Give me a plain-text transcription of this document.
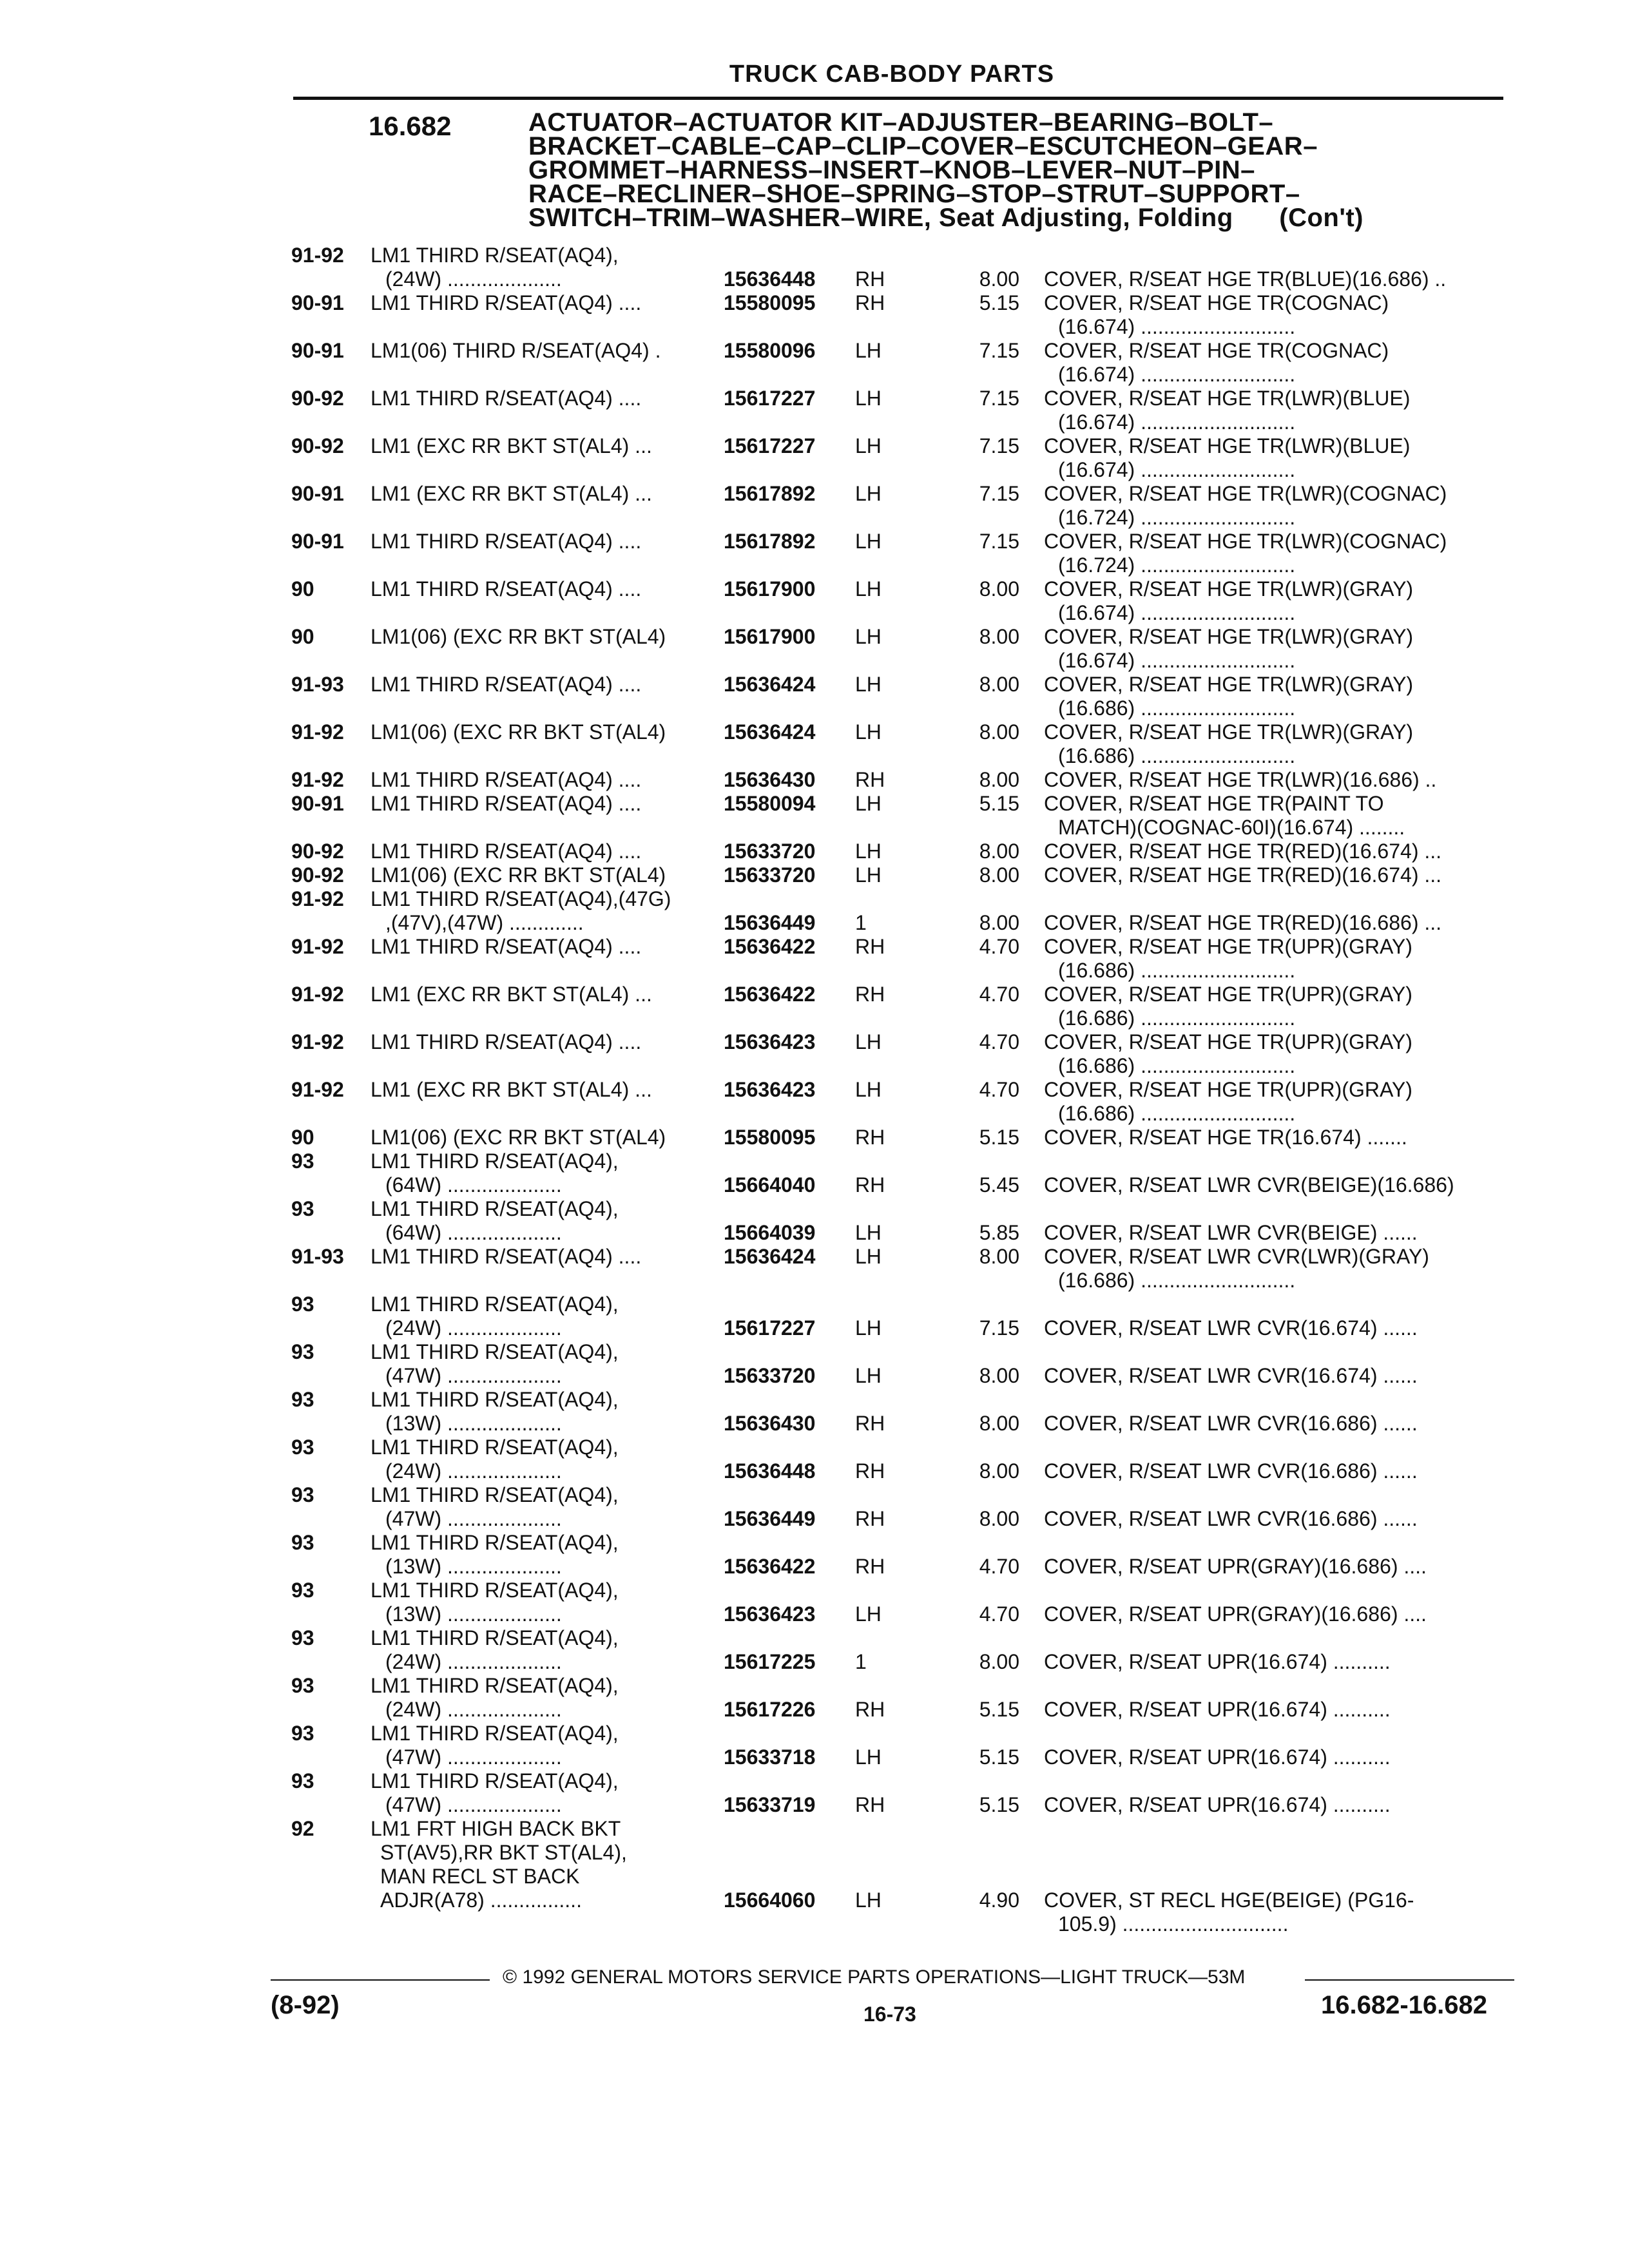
TRUCK CAB-BODY PARTS
16.682	ACTUATOR–ACTUATOR KIT–ADJUSTER–BEARING–BOLT–
BRACKET–CABLE–CAP–CLIP–COVER–ESCUTCHEON–GEAR–
GROMMET–HARNESS–INSERT–KNOB–LEVER–NUT–PIN–
RACE–RECLINER–SHOE–SPRING–STOP–STRUT–SUPPORT–
SWITCH–TRIM–WASHER–WIRE, Seat Adjusting, Folding (Con't)
91-92 LM1 THIRD R/SEAT(AQ4),
(24W) ....................	15636448 RH	8.00 COVER, R/SEAT HGE TR(BLUE)(16.686) ..
90-91 LM1 THIRD R/SEAT(AQ4) ....	15580095 RH	5.15 COVER, R/SEAT HGE TR(COGNAC)
(16.674) ...........................
90-91 LM1(06) THIRD R/SEAT(AQ4) .	15580096 LH	7.15 COVER, R/SEAT HGE TR(COGNAC)
(16.674) ...........................
90-92 LM1 THIRD R/SEAT(AQ4) ....	15617227 LH	7.15 COVER, R/SEAT HGE TR(LWR)(BLUE)
(16.674) ...........................
90-92 LM1 (EXC RR BKT ST(AL4) ...	15617227 LH	7.15 COVER, R/SEAT HGE TR(LWR)(BLUE)
(16.674) ...........................
90-91 LM1 (EXC RR BKT ST(AL4) ...	15617892 LH	7.15 COVER, R/SEAT HGE TR(LWR)(COGNAC)
(16.724) ...........................
90-91 LM1 THIRD R/SEAT(AQ4) ....	15617892 LH	7.15 COVER, R/SEAT HGE TR(LWR)(COGNAC)
(16.724) ...........................
90	LM1 THIRD R/SEAT(AQ4) ....	15617900 LH	8.00 COVER, R/SEAT HGE TR(LWR)(GRAY)
(16.674) ...........................
90	LM1(06) (EXC RR BKT ST(AL4)	15617900 LH	8.00 COVER, R/SEAT HGE TR(LWR)(GRAY)
(16.674) ...........................
91-93 LM1 THIRD R/SEAT(AQ4) ....	15636424 LH	8.00 COVER, R/SEAT HGE TR(LWR)(GRAY)
(16.686) ...........................
91-92 LM1(06) (EXC RR BKT ST(AL4)	15636424 LH	8.00 COVER, R/SEAT HGE TR(LWR)(GRAY)
(16.686) ...........................
91-92 LM1 THIRD R/SEAT(AQ4) ....	15636430 RH	8.00 COVER, R/SEAT HGE TR(LWR)(16.686) ..
90-91 LM1 THIRD R/SEAT(AQ4) ....	15580094 LH	5.15 COVER, R/SEAT HGE TR(PAINT TO
MATCH)(COGNAC-60I)(16.674) ........
90-92 LM1 THIRD R/SEAT(AQ4) ....	15633720 LH	8.00 COVER, R/SEAT HGE TR(RED)(16.674) ...
90-92 LM1(06) (EXC RR BKT ST(AL4)	15633720 LH	8.00 COVER, R/SEAT HGE TR(RED)(16.674) ...
91-92 LM1 THIRD R/SEAT(AQ4),(47G)
,(47V),(47W) .............	15636449 1	8.00 COVER, R/SEAT HGE TR(RED)(16.686) ...
91-92 LM1 THIRD R/SEAT(AQ4) ....	15636422 RH	4.70 COVER, R/SEAT HGE TR(UPR)(GRAY)
(16.686) ...........................
91-92 LM1 (EXC RR BKT ST(AL4) ...	15636422 RH	4.70 COVER, R/SEAT HGE TR(UPR)(GRAY)
(16.686) ...........................
91-92 LM1 THIRD R/SEAT(AQ4) ....	15636423 LH	4.70 COVER, R/SEAT HGE TR(UPR)(GRAY)
(16.686) ...........................
91-92 LM1 (EXC RR BKT ST(AL4) ...	15636423 LH	4.70 COVER, R/SEAT HGE TR(UPR)(GRAY)
(16.686) ...........................
90	LM1(06) (EXC RR BKT ST(AL4)	15580095 RH	5.15 COVER, R/SEAT HGE TR(16.674) .......
93	LM1 THIRD R/SEAT(AQ4),
(64W) ....................	15664040 RH	5.45 COVER, R/SEAT LWR CVR(BEIGE)(16.686)
93	LM1 THIRD R/SEAT(AQ4),
(64W) ....................	15664039 LH	5.85 COVER, R/SEAT LWR CVR(BEIGE) ......
91-93 LM1 THIRD R/SEAT(AQ4) ....	15636424 LH	8.00 COVER, R/SEAT LWR CVR(LWR)(GRAY)
(16.686) ...........................
93	LM1 THIRD R/SEAT(AQ4),
(24W) ....................	15617227 LH	7.15 COVER, R/SEAT LWR CVR(16.674) ......
93	LM1 THIRD R/SEAT(AQ4),
(47W) ....................	15633720 LH	8.00 COVER, R/SEAT LWR CVR(16.674) ......
93	LM1 THIRD R/SEAT(AQ4),
(13W) ....................	15636430 RH	8.00 COVER, R/SEAT LWR CVR(16.686) ......
93	LM1 THIRD R/SEAT(AQ4),
(24W) ....................	15636448 RH	8.00 COVER, R/SEAT LWR CVR(16.686) ......
93	LM1 THIRD R/SEAT(AQ4),
(47W) ....................	15636449 RH	8.00 COVER, R/SEAT LWR CVR(16.686) ......
93	LM1 THIRD R/SEAT(AQ4),
(13W) ....................	15636422 RH	4.70 COVER, R/SEAT UPR(GRAY)(16.686) ....
93	LM1 THIRD R/SEAT(AQ4),
(13W) ....................	15636423 LH	4.70 COVER, R/SEAT UPR(GRAY)(16.686) ....
93	LM1 THIRD R/SEAT(AQ4),
(24W) ....................	15617225 1	8.00 COVER, R/SEAT UPR(16.674) ..........
93	LM1 THIRD R/SEAT(AQ4),
(24W) ....................	15617226 RH	5.15 COVER, R/SEAT UPR(16.674) ..........
93	LM1 THIRD R/SEAT(AQ4),
(47W) ....................	15633718 LH	5.15 COVER, R/SEAT UPR(16.674) ..........
93	LM1 THIRD R/SEAT(AQ4),
(47W) ....................	15633719 RH	5.15 COVER, R/SEAT UPR(16.674) ..........
92	LM1 FRT HIGH BACK BKT
ST(AV5),RR BKT ST(AL4),
MAN RECL ST BACK
ADJR(A78) ................	15664060 LH	4.90 COVER, ST RECL HGE(BEIGE) (PG16-
105.9) .............................
© 1992 GENERAL MOTORS SERVICE PARTS OPERATIONS—LIGHT TRUCK—53M
(8-92)	16-73	16.682-16.682
